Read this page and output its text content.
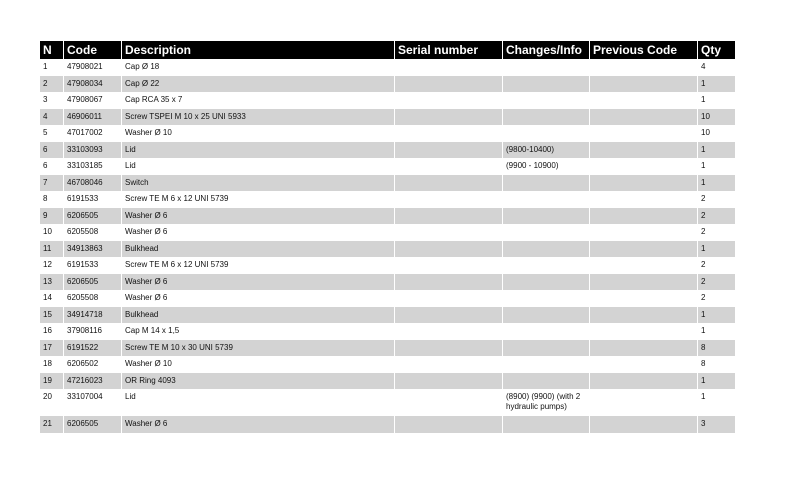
N	Code	Description	Serial number	Changes/Info	Previous Code	Qty
1	47908021	Cap Ø 18				4
2	47908034	Cap Ø 22				1
3	47908067	Cap RCA 35 x 7				1
4	46906011	Screw TSPEI M 10 x 25 UNI 5933				10
5	47017002	Washer Ø 10				10
6	33103093	Lid		(9800-10400)		1
6	33103185	Lid		(9900 - 10900)		1
7	46708046	Switch				1
8	6191533	Screw TE M 6 x 12 UNI 5739				2
9	6206505	Washer Ø 6				2
10	6205508	Washer Ø 6				2
11	34913863	Bulkhead				1
12	6191533	Screw TE M 6 x 12 UNI 5739				2
13	6206505	Washer Ø 6				2
14	6205508	Washer Ø 6				2
15	34914718	Bulkhead				1
16	37908116	Cap M 14 x 1,5				1
17	6191522	Screw TE M 10 x 30 UNI 5739				8
18	6206502	Washer Ø 10				8
19	47216023	OR Ring 4093				1
20	33107004	Lid		(8900) (9900) (with 2 hydraulic pumps)		1
21	6206505	Washer Ø 6				3
